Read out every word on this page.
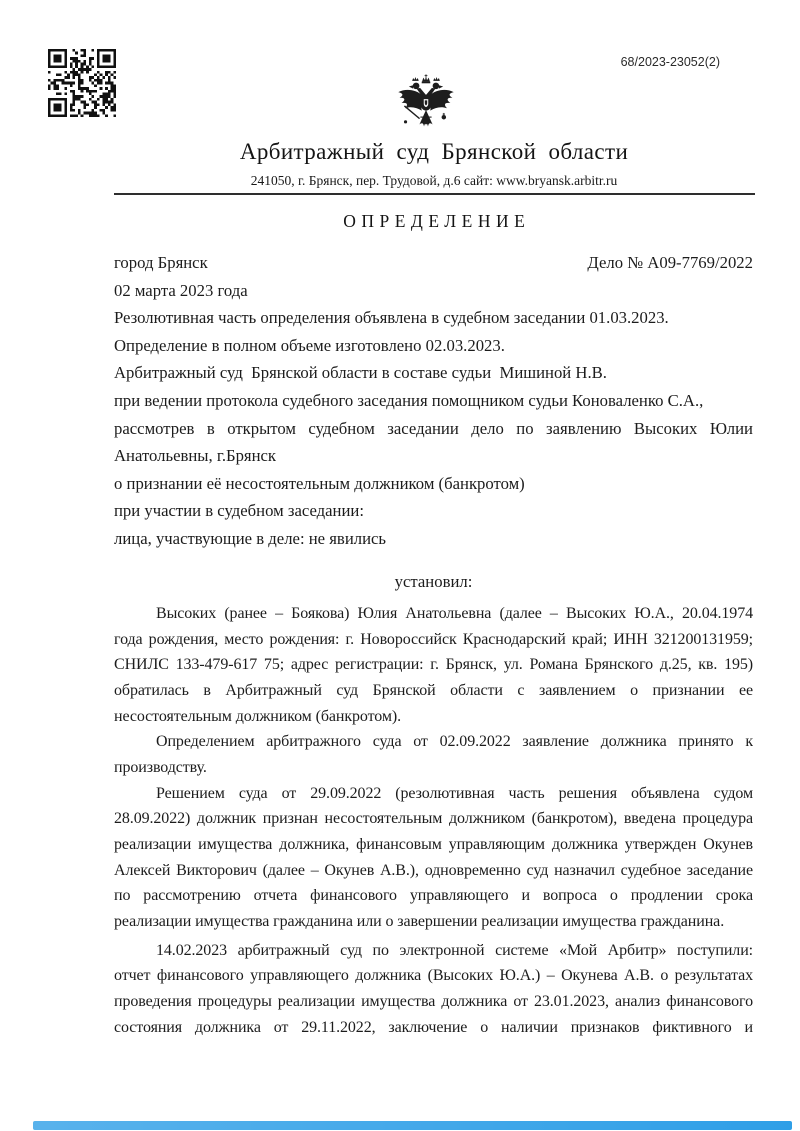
68/2023-23052(2)
Арбитражный суд Брянской области
241050, г. Брянск, пер. Трудовой, д.6 сайт: www.bryansk.arbitr.ru
ОПРЕДЕЛЕНИЕ
город Брянск	Дело № А09-7769/2022
02 марта 2023 года
Резолютивная часть определения объявлена в судебном заседании 01.03.2023.
Определение в полном объеме изготовлено 02.03.2023.
Арбитражный суд  Брянской области в составе судьи  Мишиной Н.В.
при ведении протокола судебного заседания помощником судьи Коноваленко С.А.,
рассмотрев в открытом судебном заседании дело по заявлению Высоких Юлии
Анатольевны, г.Брянск
о признании её несостоятельным должником (банкротом)
при участии в судебном заседании:
лица, участвующие в деле: не явились
установил:
Высоких (ранее – Боякова) Юлия Анатольевна (далее – Высоких Ю.А., 20.04.1974
года рождения, место рождения: г. Новороссийск Краснодарский край; ИНН 321200131959;
СНИЛС 133-479-617 75; адрес регистрации: г. Брянск, ул. Романа Брянского д.25, кв. 195)
обратилась в Арбитражный суд Брянской области с заявлением о признании ее
несостоятельным должником (банкротом).
Определением арбитражного суда от 02.09.2022 заявление должника принято к
производству.
Решением суда от 29.09.2022 (резолютивная часть решения объявлена судом
28.09.2022) должник признан несостоятельным должником (банкротом), введена процедура
реализации имущества должника, финансовым управляющим должника утвержден Окунев
Алексей Викторович (далее – Окунев А.В.), одновременно суд назначил судебное заседание
по рассмотрению отчета финансового управляющего и вопроса о продлении срока
реализации имущества гражданина или о завершении реализации имущества гражданина.
14.02.2023 арбитражный суд по электронной системе «Мой Арбитр» поступили:
отчет финансового управляющего должника (Высоких Ю.А.) – Окунева А.В. о результатах
проведения процедуры реализации имущества должника от 23.01.2023, анализ финансового
состояния должника от 29.11.2022, заключение о наличии признаков фиктивного и
